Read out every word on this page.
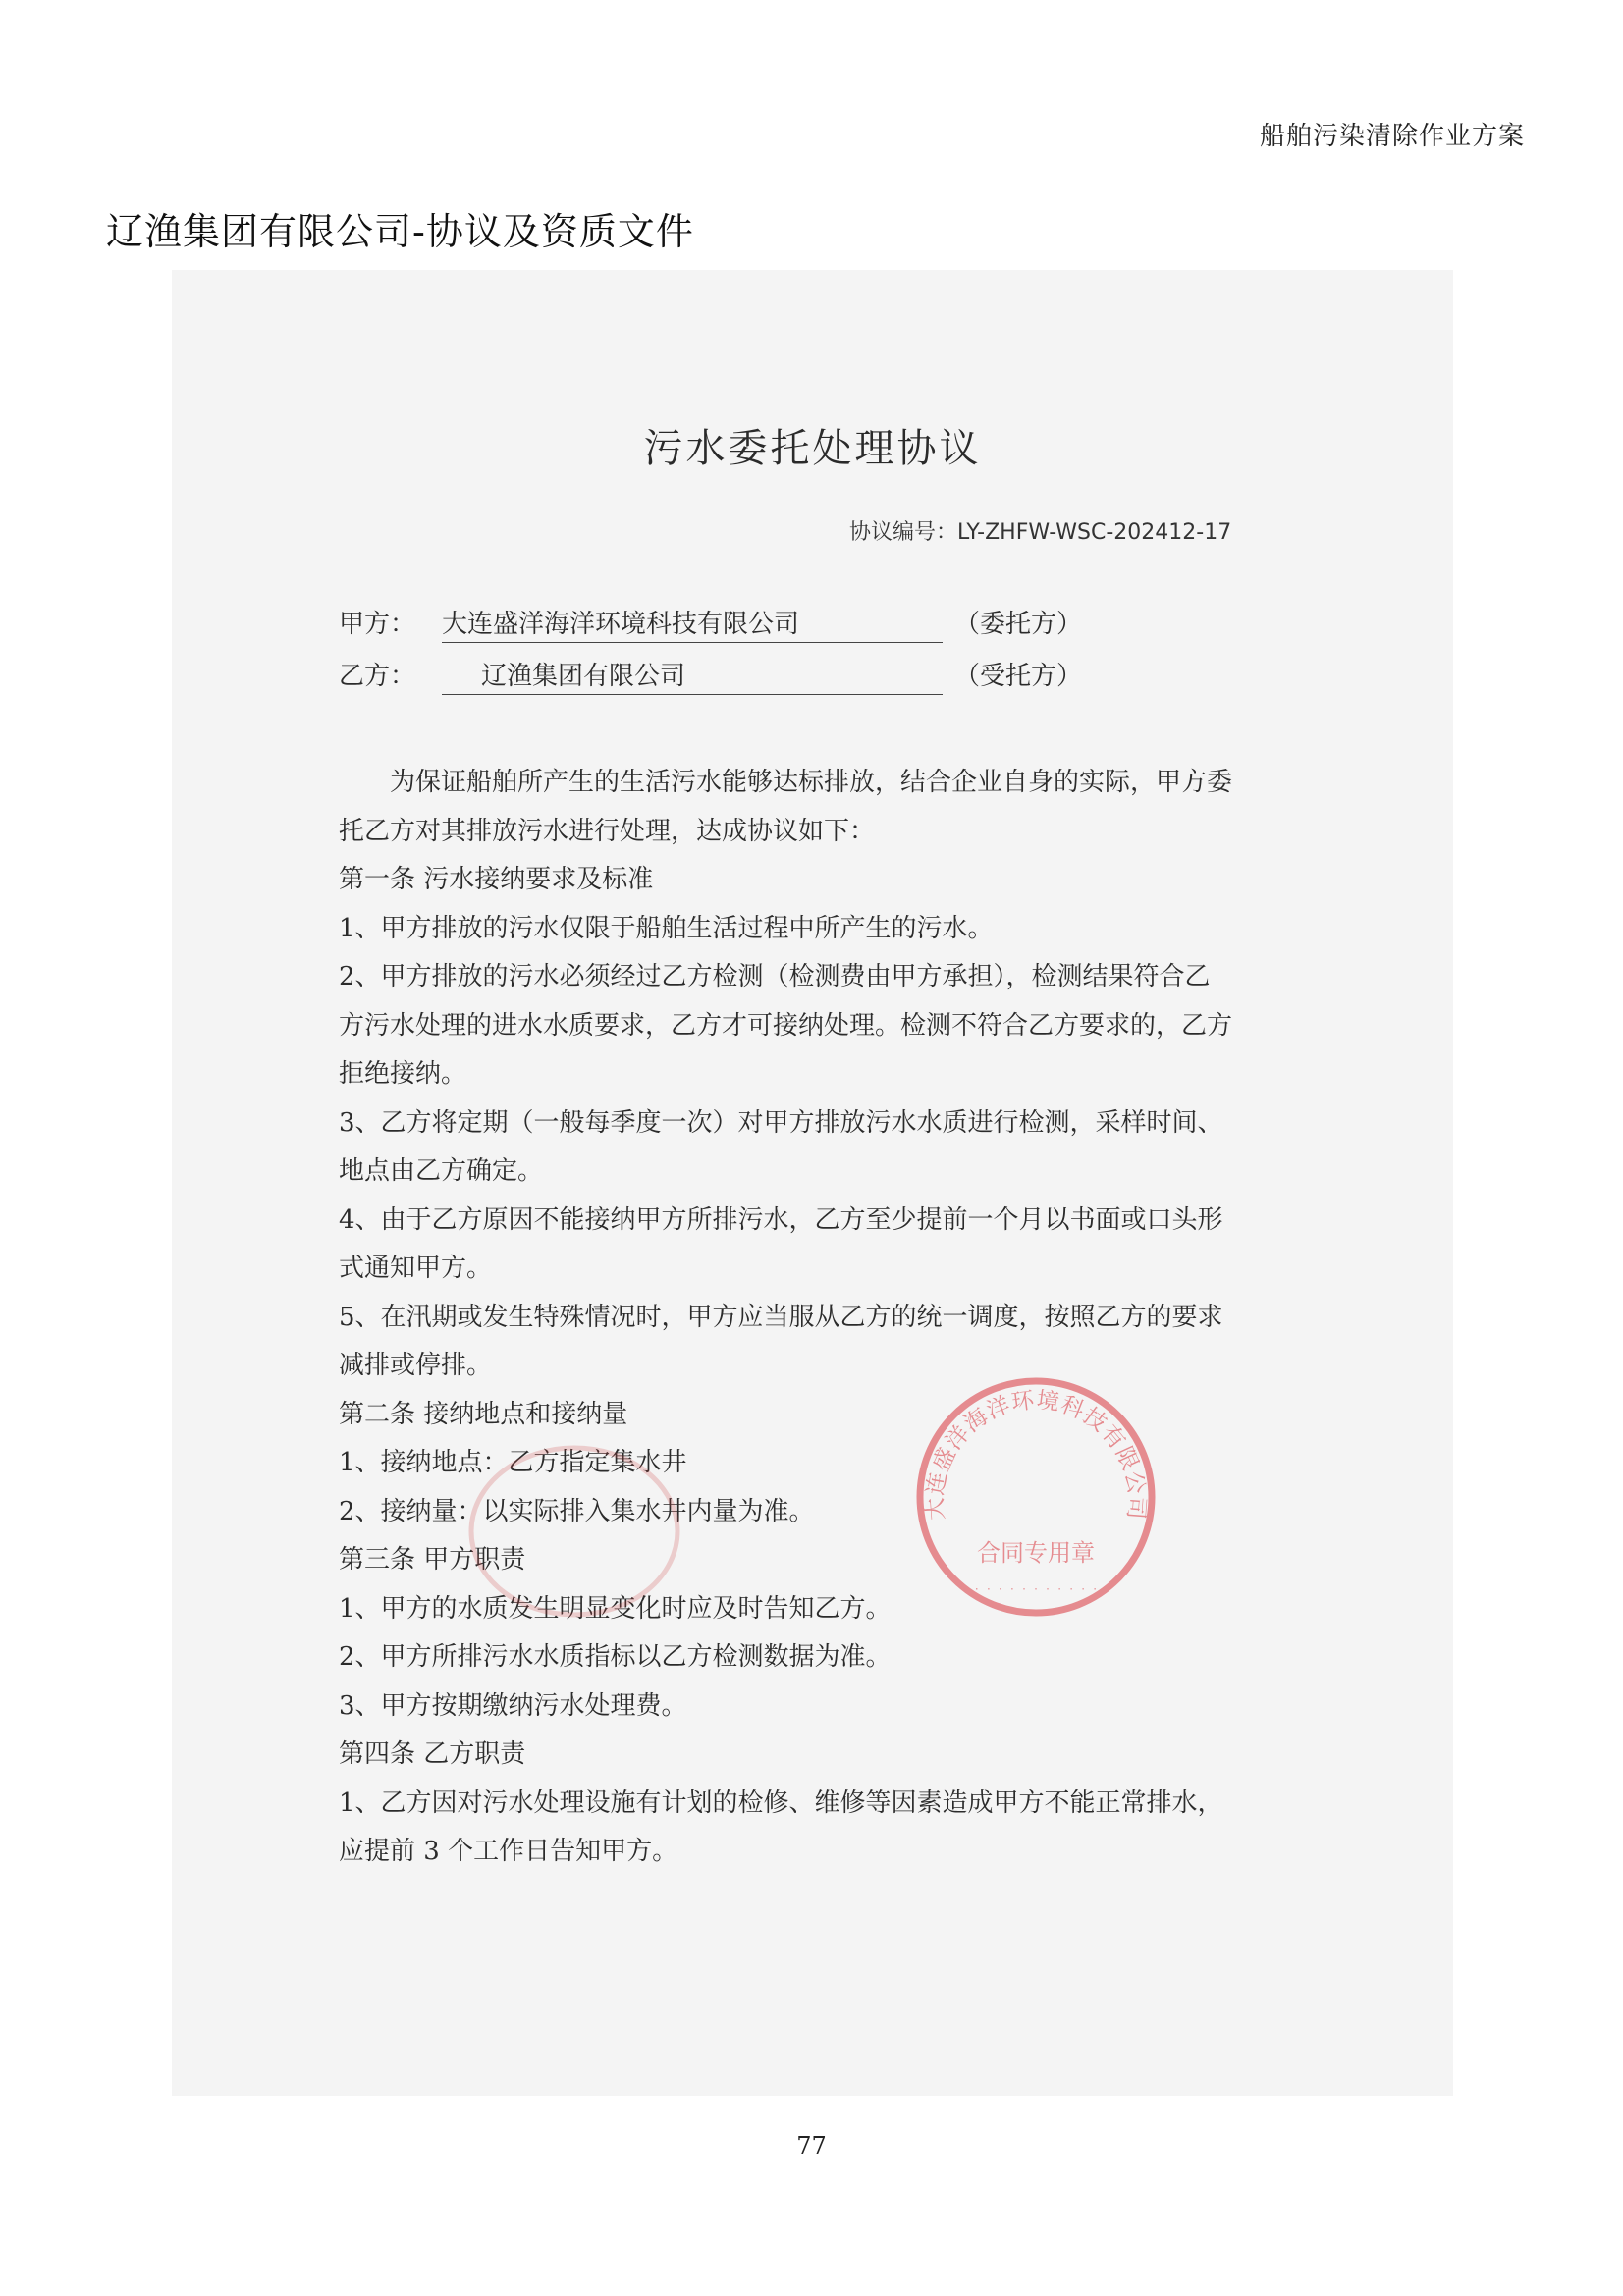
船舶污染清除作业方案
辽渔集团有限公司-协议及资质文件
污水委托处理协议
协议编号：LY-ZHFW-WSC-202412-17
甲方：	大连盛洋海洋环境科技有限公司	（委托方）
乙方：	辽渔集团有限公司	（受托方）

为保证船舶所产生的生活污水能够达标排放，结合企业自身的实际，甲方委

托乙方对其排放污水进行处理，达成协议如下：

第一条 污水接纳要求及标准

1、甲方排放的污水仅限于船舶生活过程中所产生的污水。

2、甲方排放的污水必须经过乙方检测（检测费由甲方承担），检测结果符合乙

方污水处理的进水水质要求，乙方才可接纳处理。检测不符合乙方要求的，乙方

拒绝接纳。

3、乙方将定期（一般每季度一次）对甲方排放污水水质进行检测，采样时间、

地点由乙方确定。

4、由于乙方原因不能接纳甲方所排污水，乙方至少提前一个月以书面或口头形

式通知甲方。

5、在汛期或发生特殊情况时，甲方应当服从乙方的统一调度，按照乙方的要求

减排或停排。

第二条 接纳地点和接纳量

1、接纳地点：乙方指定集水井

2、接纳量：以实际排入集水井内量为准。

第三条 甲方职责

1、甲方的水质发生明显变化时应及时告知乙方。

2、甲方所排污水水质指标以乙方检测数据为准。

3、甲方按期缴纳污水处理费。

第四条 乙方职责

1、乙方因对污水处理设施有计划的检修、维修等因素造成甲方不能正常排水，

应提前 3 个工作日告知甲方。

大连盛洋海洋环境科技有限公司
合同专用章
· · · · · · · · · · · · ·
77
